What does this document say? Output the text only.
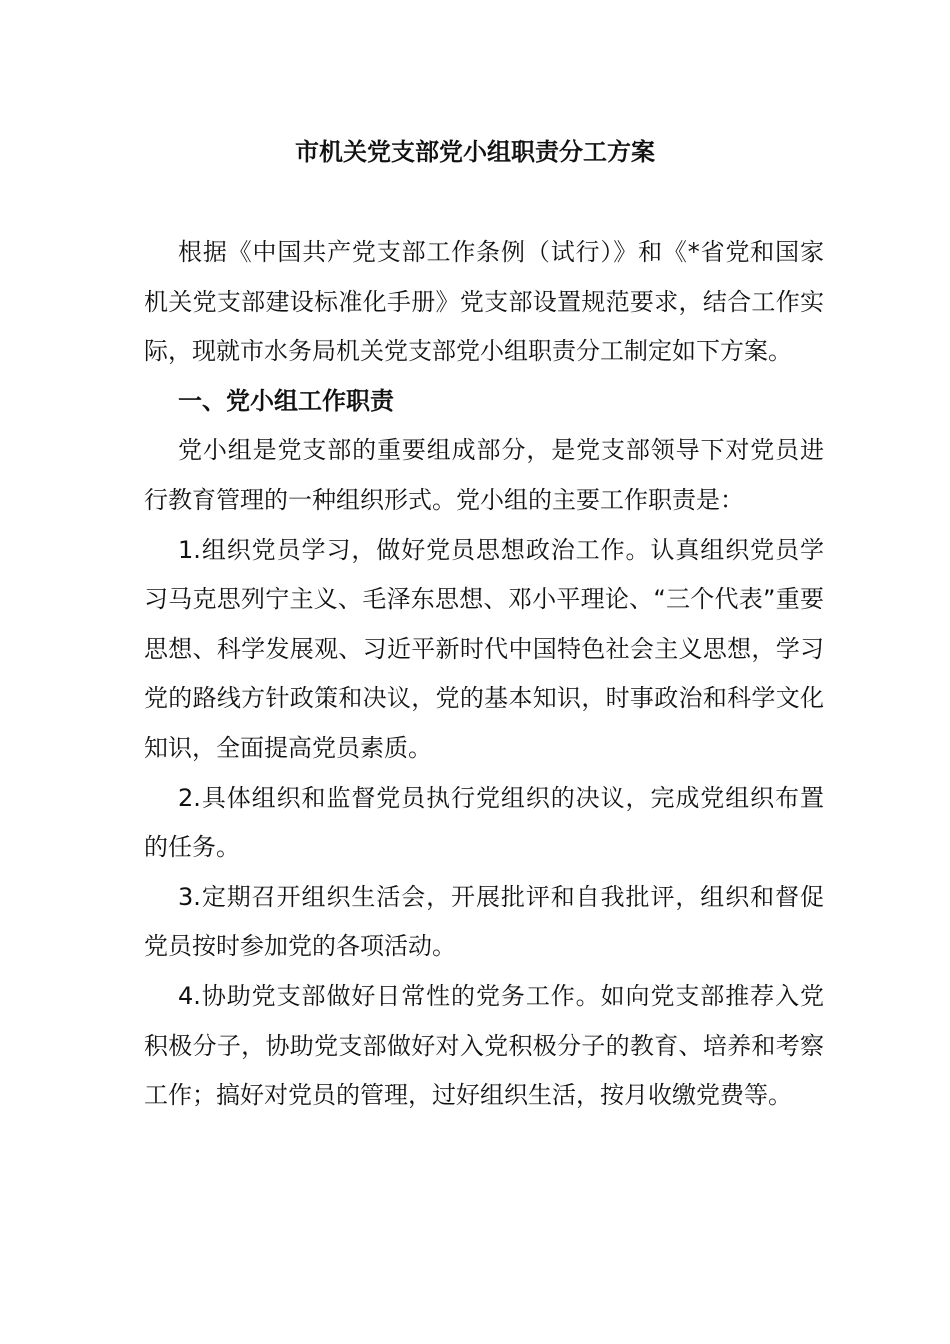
市机关党支部党小组职责分工方案

根据《中国共产党支部工作条例（试行）》和《*省党和国家机关党支部建设标准化手册》党支部设置规范要求，结合工作实际，现就市水务局机关党支部党小组职责分工制定如下方案。

一、党小组工作职责

党小组是党支部的重要组成部分，是党支部领导下对党员进行教育管理的一种组织形式。党小组的主要工作职责是：

1.组织党员学习，做好党员思想政治工作。认真组织党员学习马克思列宁主义、毛泽东思想、邓小平理论、“三个代表”重要思想、科学发展观、习近平新时代中国特色社会主义思想，学习党的路线方针政策和决议，党的基本知识，时事政治和科学文化知识，全面提高党员素质。

2.具体组织和监督党员执行党组织的决议，完成党组织布置的任务。

3.定期召开组织生活会，开展批评和自我批评，组织和督促党员按时参加党的各项活动。

4.协助党支部做好日常性的党务工作。如向党支部推荐入党积极分子，协助党支部做好对入党积极分子的教育、培养和考察工作；搞好对党员的管理，过好组织生活，按月收缴党费等。
